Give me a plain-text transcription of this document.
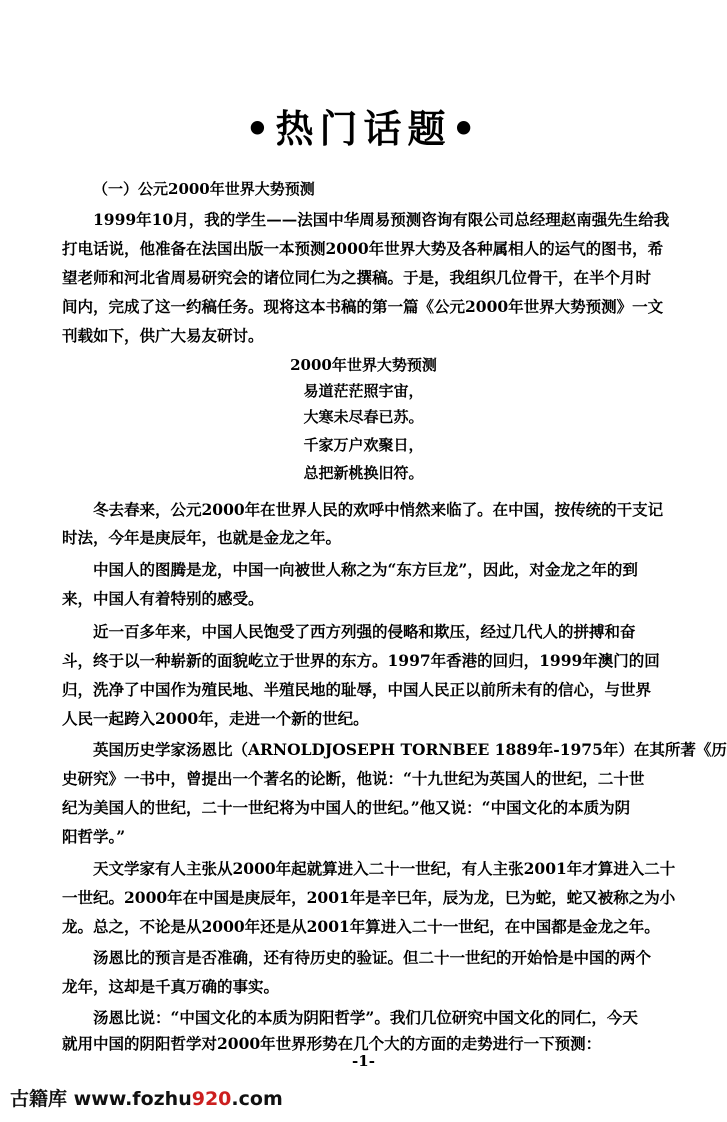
•热门话题•
（一）公元2000年世界大势预测
1999年10月，我的学生——法国中华周易预测咨询有限公司总经理赵南强先生给我
打电话说，他准备在法国出版一本预测2000年世界大势及各种属相人的运气的图书，希
望老师和河北省周易研究会的诸位同仁为之撰稿。于是，我组织几位骨干，在半个月时
间内，完成了这一约稿任务。现将这本书稿的第一篇《公元2000年世界大势预测》一文
刊载如下，供广大易友研讨。
2000年世界大势预测
易道茫茫照宇宙，
大寒未尽春已苏。
千家万户欢聚日，
总把新桃换旧符。
冬去春来，公元2000年在世界人民的欢呼中悄然来临了。在中国，按传统的干支记
时法，今年是庚辰年，也就是金龙之年。
中国人的图腾是龙，中国一向被世人称之为“东方巨龙”，因此，对金龙之年的到
来，中国人有着特别的感受。
近一百多年来，中国人民饱受了西方列强的侵略和欺压，经过几代人的拼搏和奋
斗，终于以一种崭新的面貌屹立于世界的东方。1997年香港的回归，1999年澳门的回
归，洗净了中国作为殖民地、半殖民地的耻辱，中国人民正以前所未有的信心，与世界
人民一起跨入2000年，走进一个新的世纪。
英国历史学家汤恩比（ARNOLDJOSEPH TORNBEE 1889年-1975年）在其所著《历
史研究》一书中，曾提出一个著名的论断，他说：“十九世纪为英国人的世纪，二十世
纪为美国人的世纪，二十一世纪将为中国人的世纪。”他又说：“中国文化的本质为阴
阳哲学。”
天文学家有人主张从2000年起就算进入二十一世纪，有人主张2001年才算进入二十
一世纪。2000年在中国是庚辰年，2001年是辛巳年，辰为龙，巳为蛇，蛇又被称之为小
龙。总之，不论是从2000年还是从2001年算进入二十一世纪，在中国都是金龙之年。
汤恩比的预言是否准确，还有待历史的验证。但二十一世纪的开始恰是中国的两个
龙年，这却是千真万确的事实。
汤恩比说：“中国文化的本质为阴阳哲学”。我们几位研究中国文化的同仁，今天
就用中国的阴阳哲学对2000年世界形势在几个大的方面的走势进行一下预测：
-1-
古籍库 www.fozhu920.com
